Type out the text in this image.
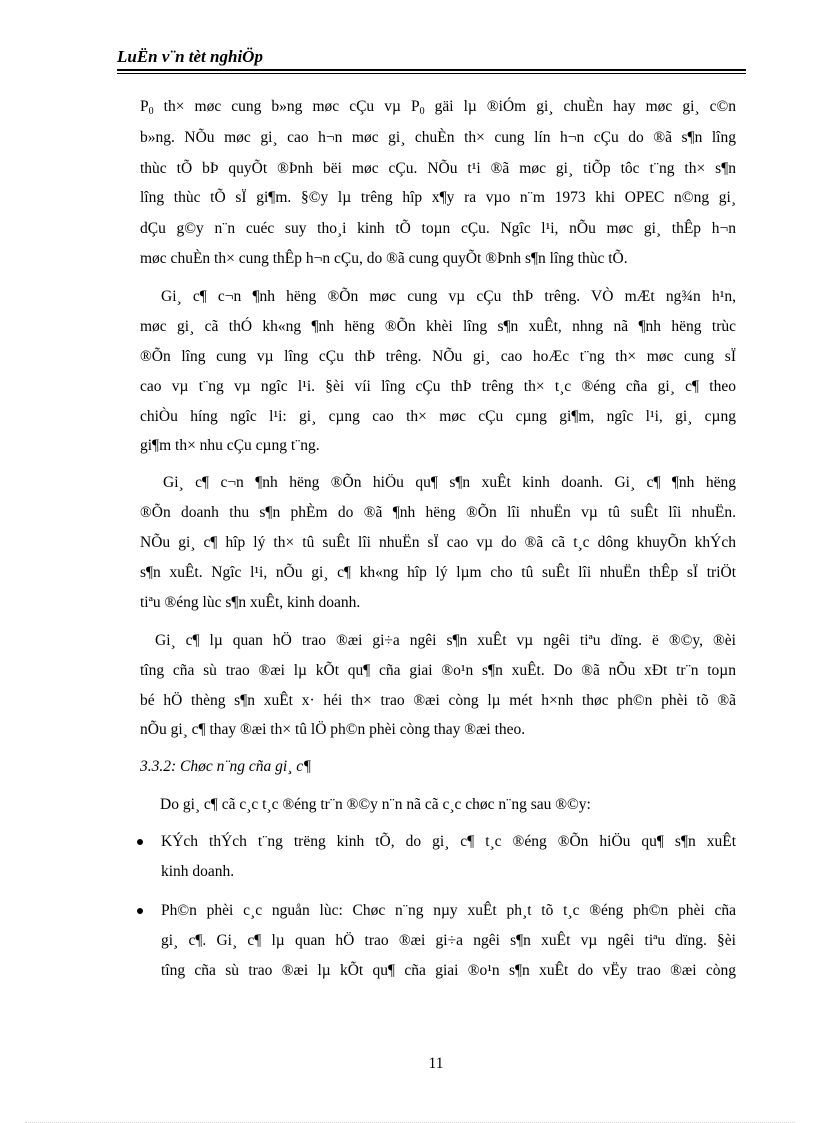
LuËn v¨n tèt nghiÖp
$P_0$ th× møc cung b»ng møc cÇu vµ $P_0$ gäi lµ ®iÓm gi¸ chuÈn hay møc gi¸ c©n
b»ng. NÕu møc gi¸ cao h¬n møc gi¸ chuÈn th× cung lín h¬n cÇu do ®ã s¶n lîng
thùc tÕ bÞ quyÕt ®Þnh bëi møc cÇu. NÕu t¹i ®ã møc gi¸ tiÕp tôc t¨ng th× s¶n
lîng thùc tÕ sÏ gi¶m. §©y lµ trêng hîp x¶y ra vµo n¨m 1973 khi OPEC n©ng gi¸
dÇu g©y n¨n cuéc suy tho¸i kinh tÕ toµn cÇu. Ngîc l¹i, nÕu møc gi¸ thÊp h¬n
møc chuÈn th× cung thÊp h¬n cÇu, do ®ã cung quyÕt ®Þnh s¶n lîng thùc tÕ.
Gi¸ c¶ c¬n ¶nh hëng ®Õn møc cung vµ cÇu thÞ trêng. VÒ mÆt ng¾n h¹n,
møc gi¸ cã thÓ kh«ng ¶nh hëng ®Õn khèi lîng s¶n xuÊt, nhng nã ¶nh hëng trùc
®Õn lîng cung vµ lîng cÇu thÞ trêng. NÕu gi¸ cao hoÆc t¨ng th× møc cung sÏ
cao vµ t¨ng vµ ngîc l¹i. §èi víi lîng cÇu thÞ trêng th× t¸c ®éng cña gi¸ c¶ theo
chiÒu híng ngîc l¹i: gi¸ cµng cao th× møc cÇu cµng gi¶m, ngîc l¹i, gi¸ cµng
gi¶m th× nhu cÇu cµng t¨ng.
Gi¸ c¶ c¬n ¶nh hëng ®Õn hiÖu qu¶ s¶n xuÊt kinh doanh. Gi¸ c¶ ¶nh hëng
®Õn doanh thu s¶n phÈm do ®ã ¶nh hëng ®Õn lîi nhuËn vµ tû suÊt lîi nhuËn.
NÕu gi¸ c¶ hîp lý th× tû suÊt lîi nhuËn sÏ cao vµ do ®ã cã t¸c dông khuyÕn khÝch
s¶n xuÊt. Ngîc l¹i, nÕu gi¸ c¶ kh«ng hîp lý lµm cho tû suÊt lîi nhuËn thÊp sÏ triÖt
tiªu ®éng lùc s¶n xuÊt, kinh doanh.
Gi¸ c¶ lµ quan hÖ trao ®æi gi÷a ngêi s¶n xuÊt vµ ngêi tiªu dïng. ë ®©y, ®èi
tîng cña sù trao ®æi lµ kÕt qu¶ cña giai ®o¹n s¶n xuÊt. Do ®ã nÕu xÐt tr¨n toµn
bé hÖ thèng s¶n xuÊt x· héi th× trao ®æi còng lµ mét h×nh thøc ph©n phèi tõ ®ã
nÕu gi¸ c¶ thay ®æi th× tû lÖ ph©n phèi còng thay ®æi theo.
3.3.2: Chøc n¨ng cña gi¸ c¶
Do gi¸ c¶ cã c¸c t¸c ®éng tr¨n ®©y n¨n nã cã c¸c chøc n¨ng sau ®©y:
KÝch thÝch t¨ng trëng kinh tÕ, do gi¸ c¶ t¸c ®éng ®Õn hiÖu qu¶ s¶n xuÊt
kinh doanh.
Ph©n phèi c¸c nguån lùc: Chøc n¨ng nµy xuÊt ph¸t tõ t¸c ®éng ph©n phèi cña
gi¸ c¶. Gi¸ c¶ lµ quan hÖ trao ®æi gi÷a ngêi s¶n xuÊt vµ ngêi tiªu dïng. §èi
tîng cña sù trao ®æi lµ kÕt qu¶ cña giai ®o¹n s¶n xuÊt do vËy trao ®æi còng
11
